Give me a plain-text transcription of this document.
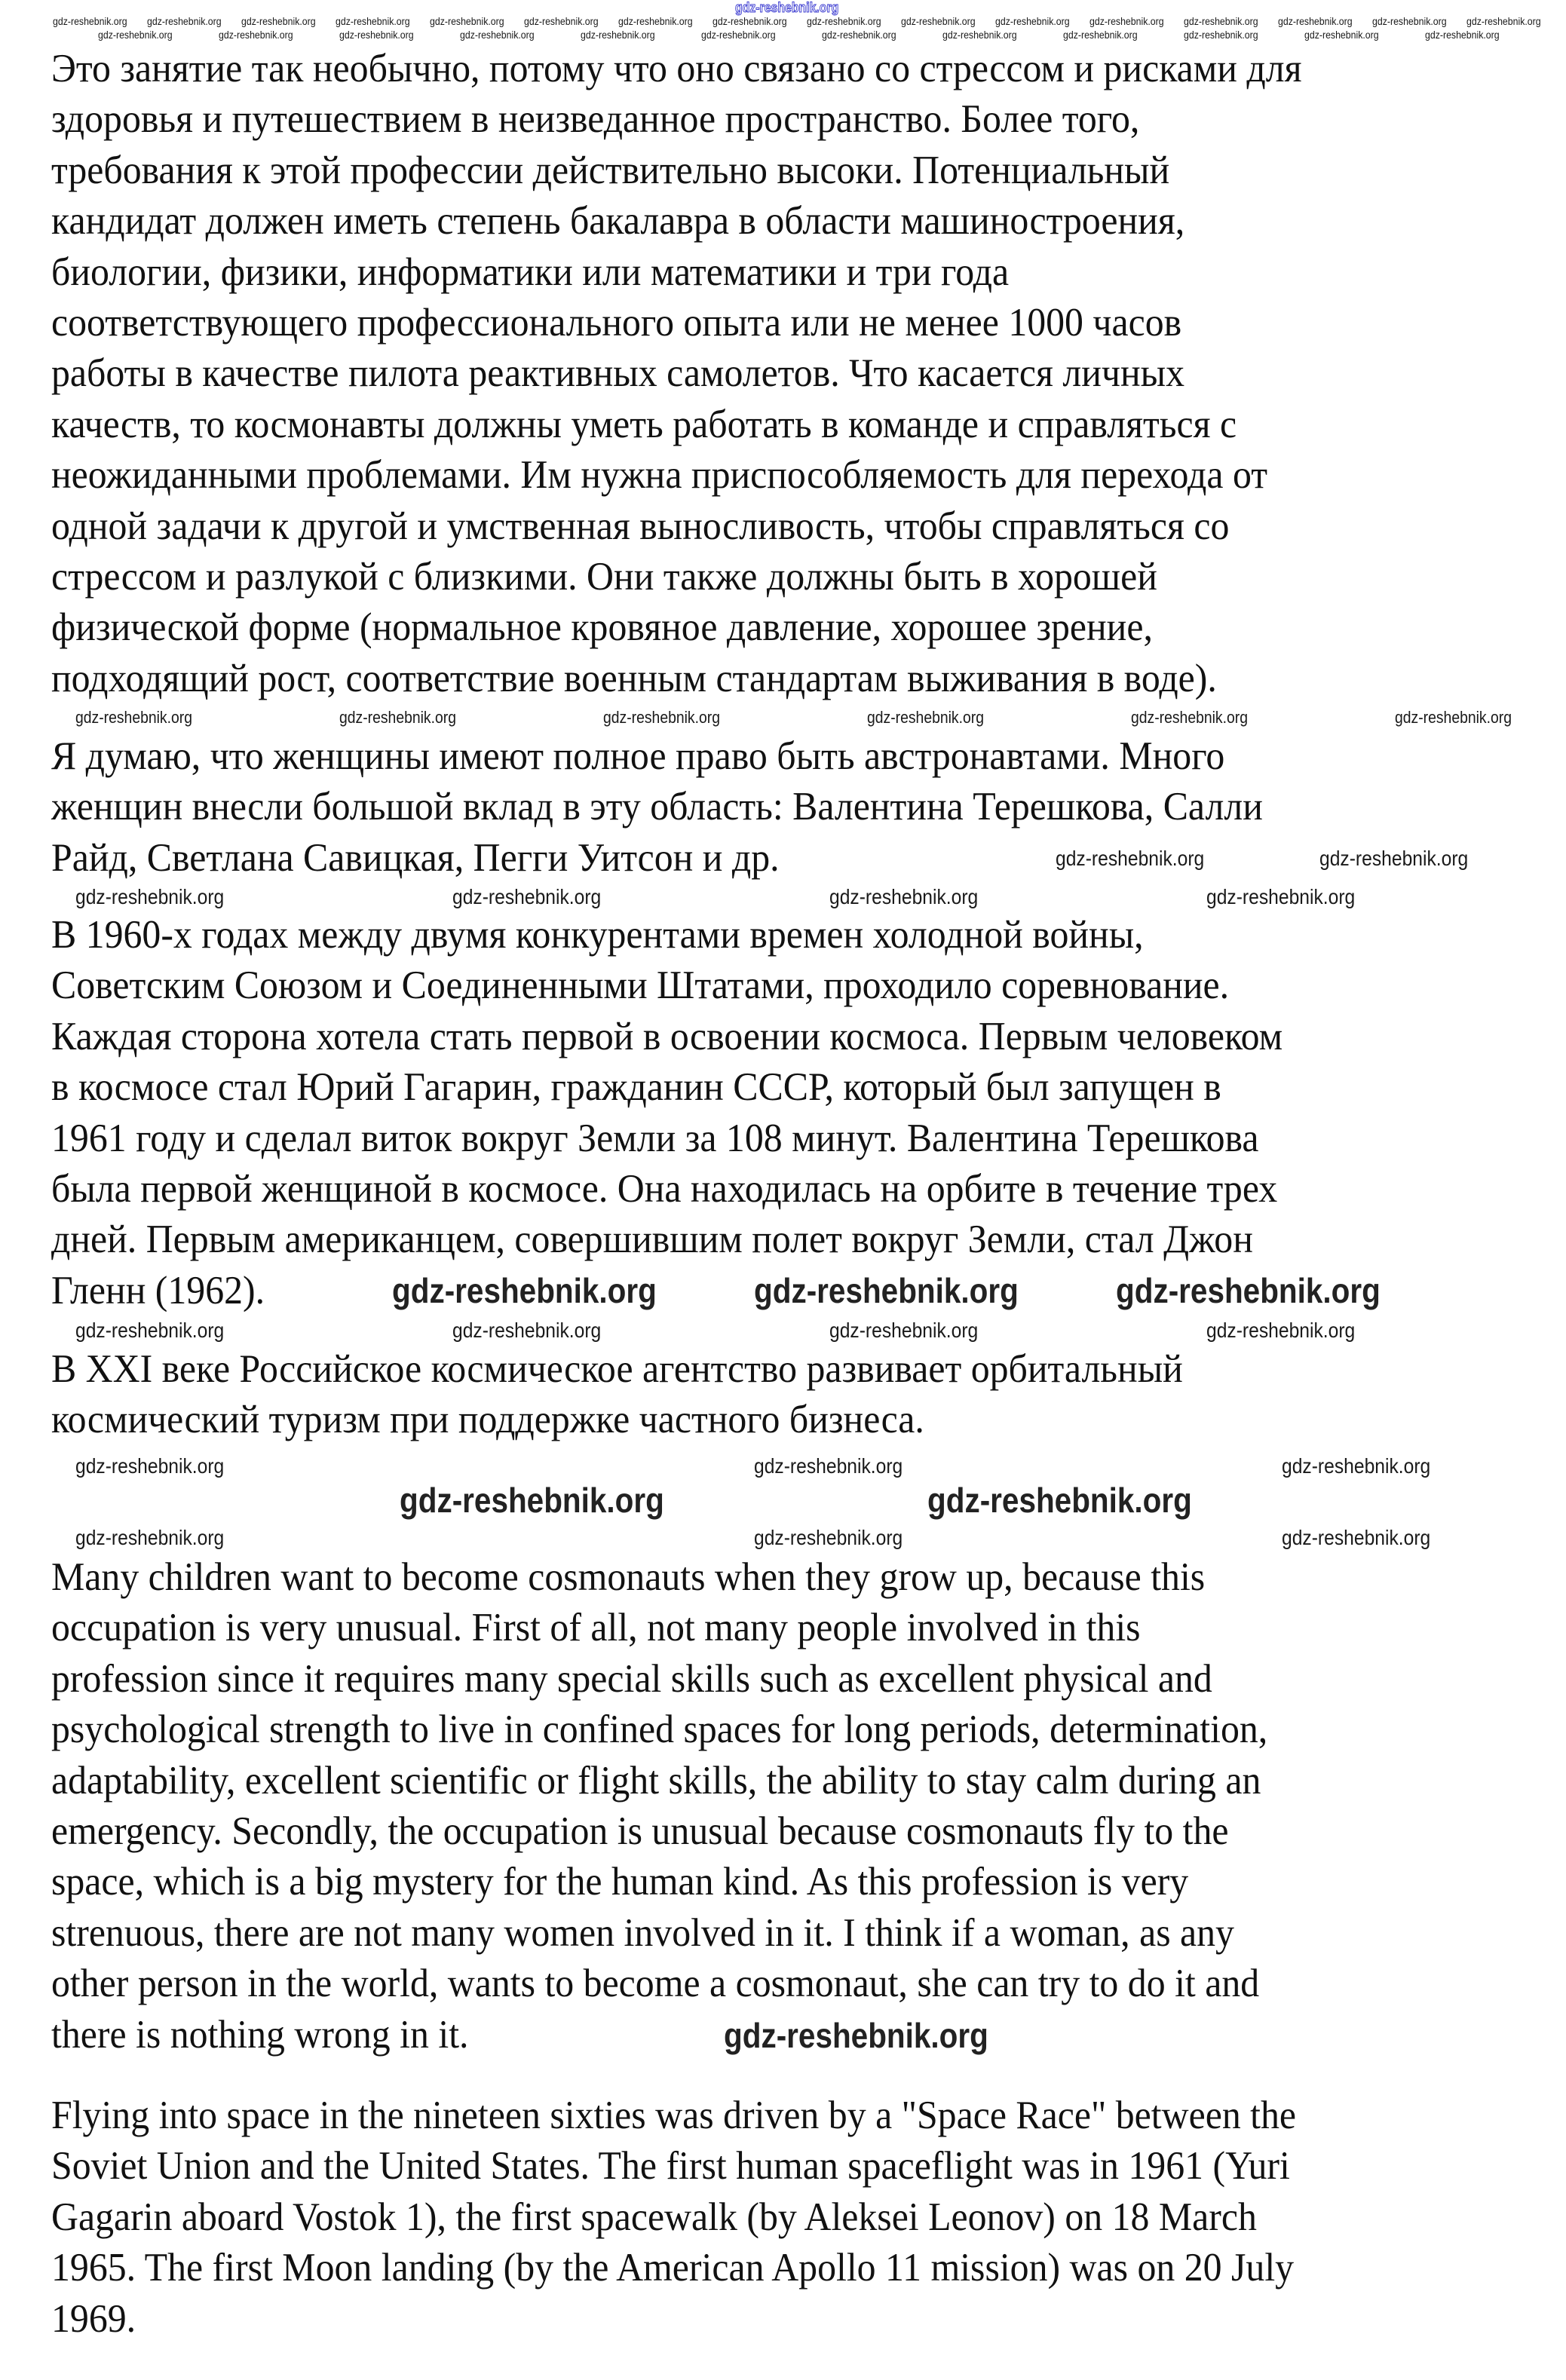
Это занятие так необычно, потому что оно связано со стрессом и рисками для
здоровья и путешествием в неизведанное пространство. Более того,
требования к этой профессии действительно высоки. Потенциальный
кандидат должен иметь степень бакалавра в области машиностроения,
биологии, физики, информатики или математики и три года
соответствующего профессионального опыта или не менее 1000 часов
работы в качестве пилота реактивных самолетов. Что касается личных
качеств, то космонавты должны уметь работать в команде и справляться с
неожиданными проблемами. Им нужна приспособляемость для перехода от
одной задачи к другой и умственная выносливость, чтобы справляться со
стрессом и разлукой с близкими. Они также должны быть в хорошей
физической форме (нормальное кровяное давление, хорошее зрение,
подходящий рост, соответствие военным стандартам выживания в воде).
Я думаю, что женщины имеют полное право быть австронавтами. Много
женщин внесли большой вклад в эту область: Валентина Терешкова, Салли
Райд, Светлана Савицкая, Пегги Уитсон и др.
В 1960-х годах между двумя конкурентами времен холодной войны,
Советским Союзом и Соединенными Штатами, проходило соревнование.
Каждая сторона хотела стать первой в освоении космоса. Первым человеком
в космосе стал Юрий Гагарин, гражданин СССР, который был запущен в
1961 году и сделал виток вокруг Земли за 108 минут. Валентина Терешкова
была первой женщиной в космосе. Она находилась на орбите в течение трех
дней. Первым американцем, совершившим полет вокруг Земли, стал Джон
Гленн (1962).
В XXI веке Российское космическое агентство развивает орбитальный
космический туризм при поддержке частного бизнеса.
Many children want to become cosmonauts when they grow up, because this
occupation is very unusual. First of all, not many people involved in this
profession since it requires many special skills such as excellent physical and
psychological strength to live in confined spaces for long periods, determination,
adaptability, excellent scientific or flight skills, the ability to stay calm during an
emergency. Secondly, the occupation is unusual because cosmonauts fly to the
space, which is a big mystery for the human kind. As this profession is very
strenuous, there are not many women involved in it. I think if a woman, as any
other person in the world, wants to become a cosmonaut, she can try to do it and
there is nothing wrong in it.
Flying into space in the nineteen sixties was driven by a "Space Race" between the
Soviet Union and the United States. The first human spaceflight was in 1961 (Yuri
Gagarin aboard Vostok 1), the first spacewalk (by Aleksei Leonov) on 18 March
1965. The first Moon landing (by the American Apollo 11 mission) was on 20 July
1969.
gdz-reshebnik.org
gdz-reshebnik.org gdz-reshebnik.org gdz-reshebnik.org gdz-reshebnik.org gdz-reshebnik.org gdz-reshebnik.org gdz-reshebnik.org gdz-reshebnik.org gdz-reshebnik.org gdz-reshebnik.org gdz-reshebnik.org gdz-reshebnik.org gdz-reshebnik.org gdz-reshebnik.org gdz-reshebnik.org gdz-reshebnik.org
gdz-reshebnik.org	gdz-reshebnik.org	gdz-reshebnik.org	gdz-reshebnik.org	gdz-reshebnik.org	gdz-reshebnik.org	gdz-reshebnik.org	gdz-reshebnik.org	gdz-reshebnik.org	gdz-reshebnik.org	gdz-reshebnik.org	gdz-reshebnik.org
gdz-reshebnik.org	gdz-reshebnik.org	gdz-reshebnik.org	gdz-reshebnik.org	gdz-reshebnik.org	gdz-reshebnik.org
gdz-reshebnik.org	gdz-reshebnik.org	gdz-reshebnik.org	gdz-reshebnik.org
gdz-reshebnik.org	gdz-reshebnik.org
gdz-reshebnik.org	gdz-reshebnik.org	gdz-reshebnik.org	gdz-reshebnik.org
gdz-reshebnik.org	gdz-reshebnik.org	gdz-reshebnik.org
gdz-reshebnik.org	gdz-reshebnik.org	gdz-reshebnik.org
gdz-reshebnik.org	gdz-reshebnik.org
gdz-reshebnik.org	gdz-reshebnik.org	gdz-reshebnik.org
gdz-reshebnik.org
